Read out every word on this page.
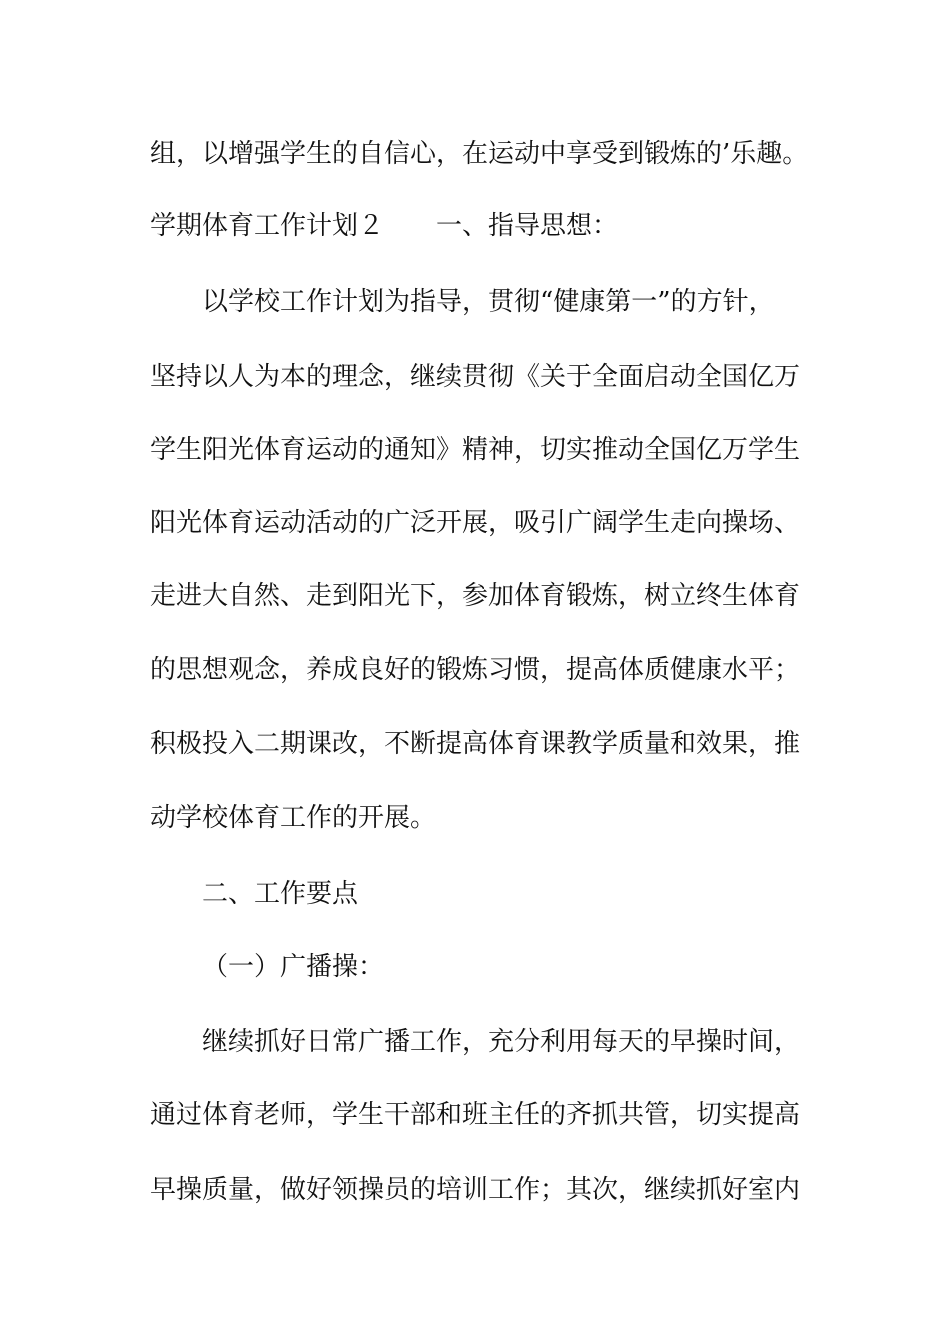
组，以增强学生的自信心，在运动中享受到锻炼的’乐趣。
学期体育工作计划２ 一、指导思想：
以学校工作计划为指导，贯彻“健康第一”的方针，
坚持以人为本的理念，继续贯彻《关于全面启动全国亿万
学生阳光体育运动的通知》精神，切实推动全国亿万学生
阳光体育运动活动的广泛开展，吸引广阔学生走向操场、
走进大自然、走到阳光下，参加体育锻炼，树立终生体育
的思想观念，养成良好的锻炼习惯，提高体质健康水平；
积极投入二期课改，不断提高体育课教学质量和效果，推
动学校体育工作的开展。
二、工作要点
（一）广播操：
继续抓好日常广播工作，充分利用每天的早操时间，
通过体育老师，学生干部和班主任的齐抓共管，切实提高
早操质量，做好领操员的培训工作；其次，继续抓好室内
